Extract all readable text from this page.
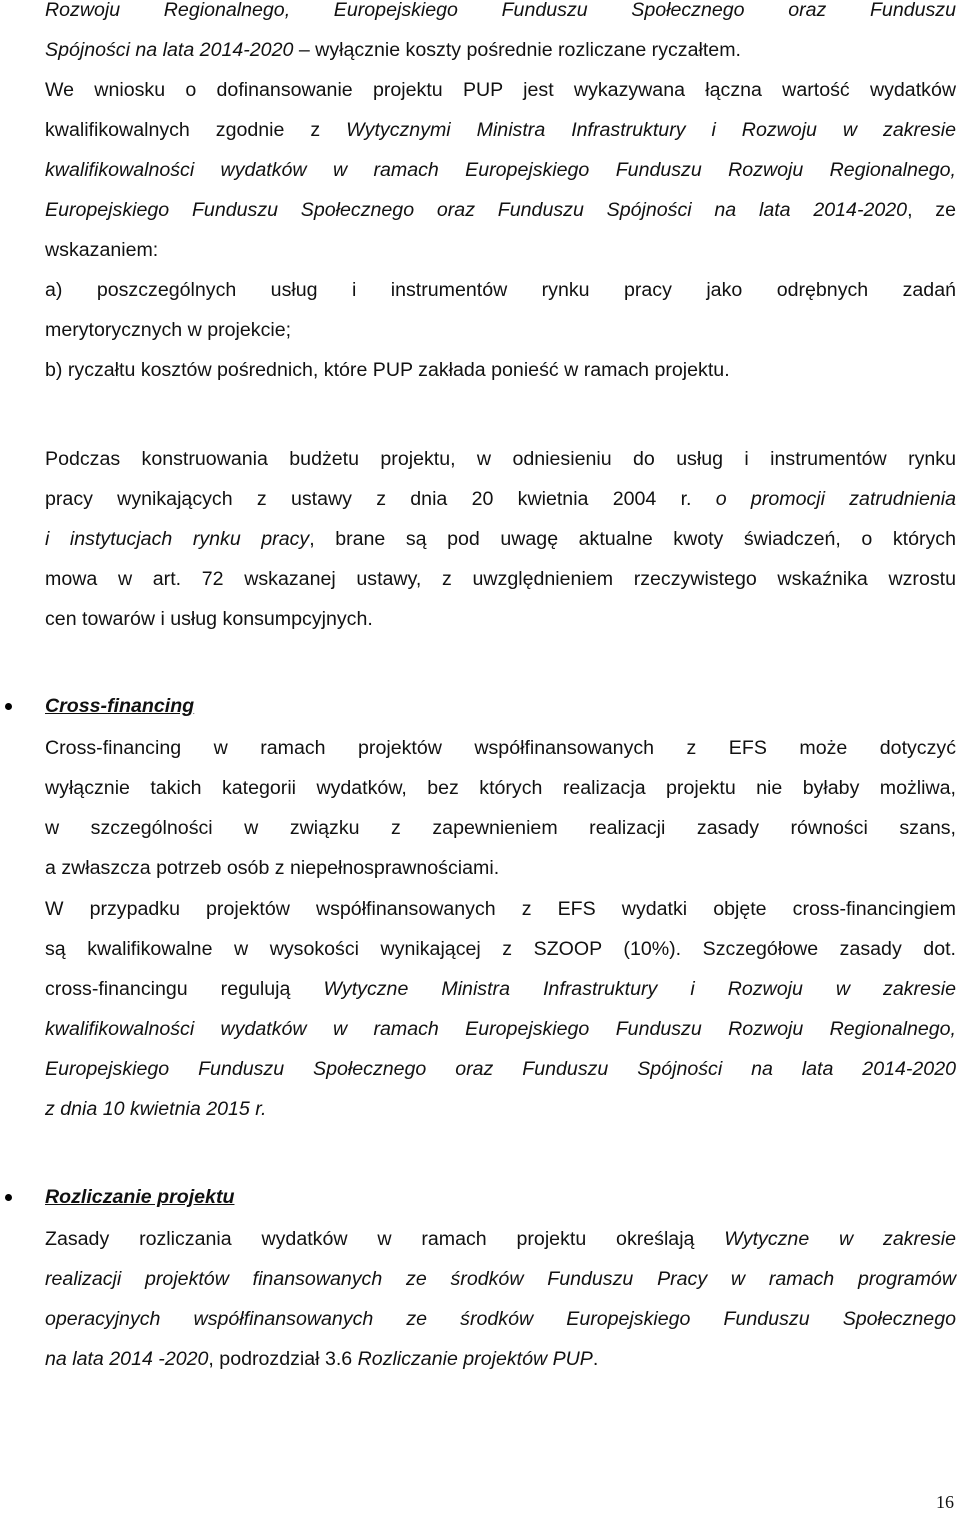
Rozwoju Regionalnego, Europejskiego Funduszu Społecznego oraz Funduszu
Spójności na lata 2014-2020 – wyłącznie koszty pośrednie rozliczane ryczałtem.
We wniosku o dofinansowanie projektu PUP jest wykazywana łączna wartość wydatków
kwalifikowalnych zgodnie z Wytycznymi Ministra Infrastruktury i Rozwoju w zakresie
kwalifikowalności wydatków w ramach Europejskiego Funduszu Rozwoju Regionalnego,
Europejskiego Funduszu Społecznego oraz Funduszu Spójności na lata 2014-2020, ze
wskazaniem:
a) poszczególnych usług i instrumentów rynku pracy jako odrębnych zadań
merytorycznych w projekcie;
b) ryczałtu kosztów pośrednich, które PUP zakłada ponieść w ramach projektu.
Podczas konstruowania budżetu projektu, w odniesieniu do usług i instrumentów rynku
pracy wynikających z ustawy z dnia 20 kwietnia 2004 r. o promocji zatrudnienia
i instytucjach rynku pracy, brane są pod uwagę aktualne kwoty świadczeń, o których
mowa w art. 72 wskazanej ustawy, z uwzględnieniem rzeczywistego wskaźnika wzrostu
cen towarów i usług konsumpcyjnych.
Cross-financing
Cross-financing w ramach projektów współfinansowanych z EFS może dotyczyć
wyłącznie takich kategorii wydatków, bez których realizacja projektu nie byłaby możliwa,
w szczególności w związku z zapewnieniem realizacji zasady równości szans,
a zwłaszcza potrzeb osób z niepełnosprawnościami.
W przypadku projektów współfinansowanych z EFS wydatki objęte cross-financingiem
są kwalifikowalne w wysokości wynikającej z SZOOP (10%). Szczegółowe zasady dot.
cross-financingu regulują Wytyczne Ministra Infrastruktury i Rozwoju w zakresie
kwalifikowalności wydatków w ramach Europejskiego Funduszu Rozwoju Regionalnego,
Europejskiego Funduszu Społecznego oraz Funduszu Spójności na lata 2014-2020
z dnia 10 kwietnia 2015 r.
Rozliczanie projektu
Zasady rozliczania wydatków w ramach projektu określają Wytyczne w zakresie
realizacji projektów finansowanych ze środków Funduszu Pracy w ramach programów
operacyjnych współfinansowanych ze środków Europejskiego Funduszu Społecznego
na lata 2014 -2020, podrozdział 3.6 Rozliczanie projektów PUP.
16
